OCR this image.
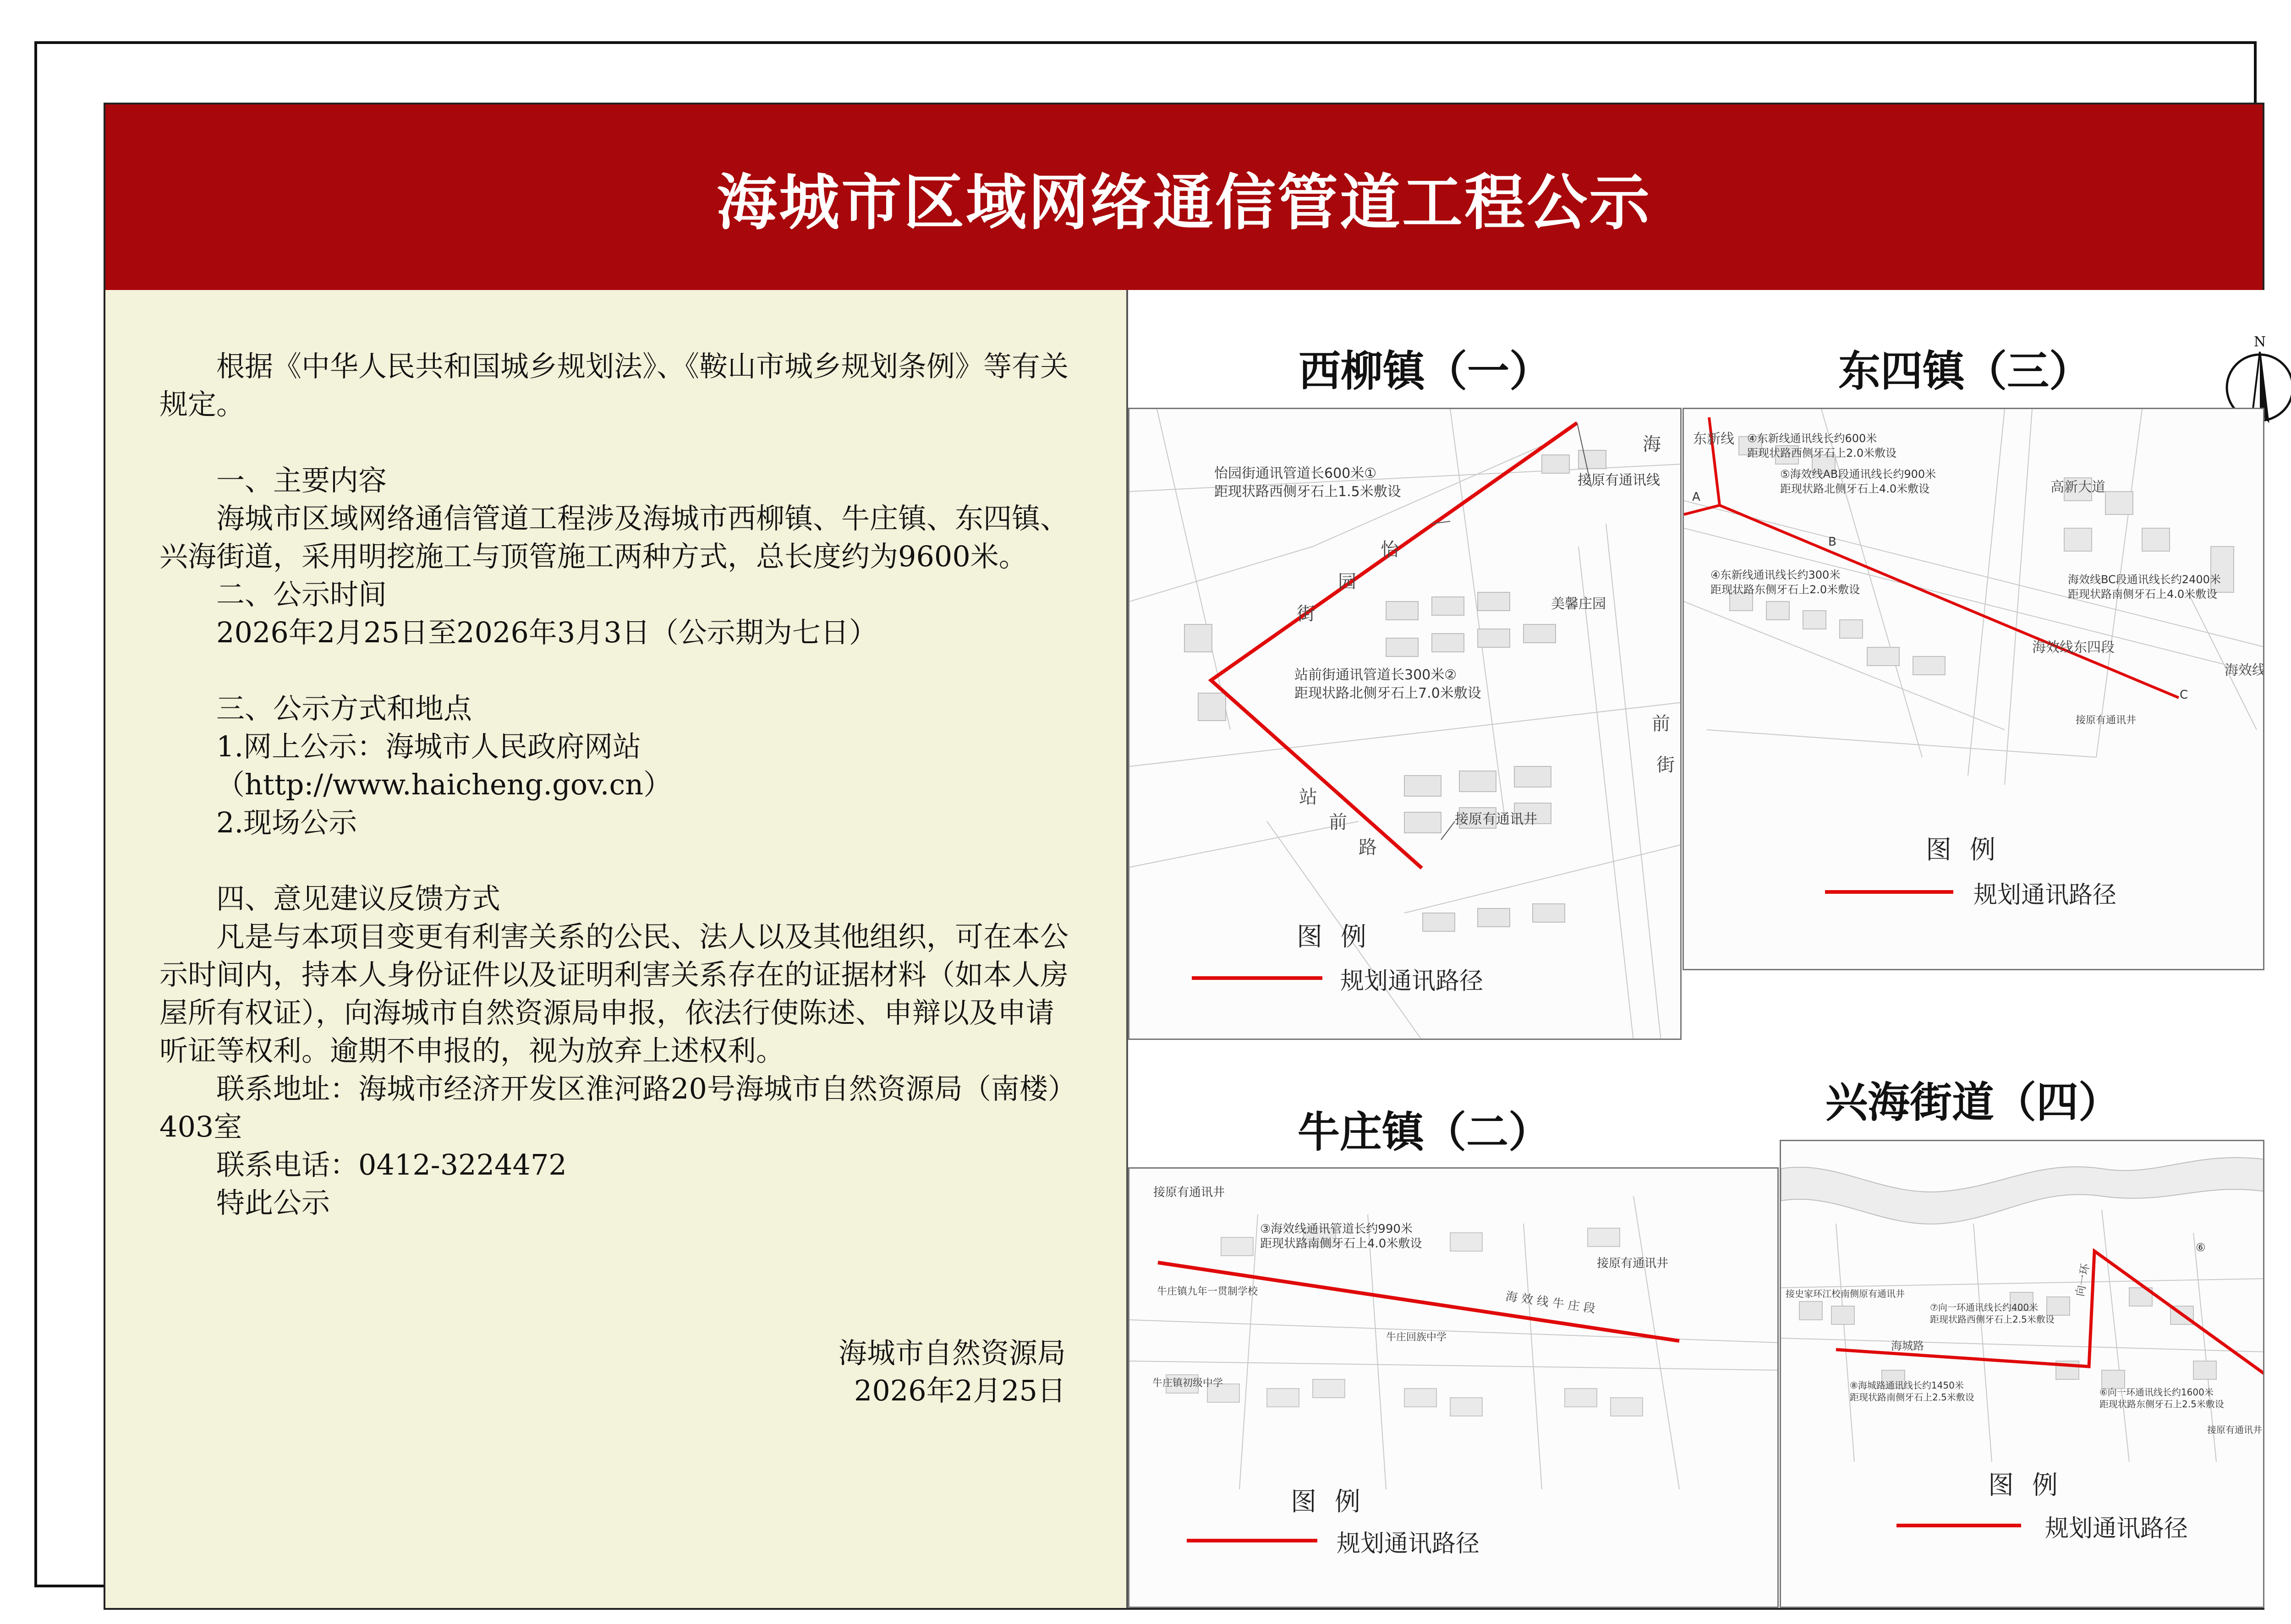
海城市区域网络通信管道工程公示

根据《中华人民共和国城乡规划法》、《鞍山市城乡规划条例》等有关规定。

一、主要内容

海城市区域网络通信管道工程涉及海城市西柳镇、牛庄镇、东四镇、兴海街道，采用明挖施工与顶管施工两种方式，总长度约为9600米。

二、公示时间

2026年2月25日至2026年3月3日（公示期为七日）

三、公示方式和地点

1.网上公示：海城市人民政府网站

（http://www.haicheng.gov.cn）

2.现场公示

四、意见建议反馈方式

凡是与本项目变更有利害关系的公民、法人以及其他组织，可在本公示时间内，持本人身份证件以及证明利害关系存在的证据材料（如本人房屋所有权证），向海城市自然资源局申报，依法行使陈述、申辩以及申请听证等权利。逾期不申报的，视为放弃上述权利。

联系地址：海城市经济开发区淮河路20号海城市自然资源局（南楼）403室

联系电话：0412-3224472

特此公示

海城市自然资源局
2026年2月25日
N
西柳镇（一）
怡园街通讯管道长600米①
距现状路西侧牙石上1.5米敷设
站前街通讯管道长300米②
距现状路北侧牙石上7.0米敷设
接原有通讯线
接原有通讯井
美馨庄园
怡
园
街
站
前
路
海
前
街
图例
规划通讯路径
东四镇（三）
④东新线通讯线长约600米
距现状路西侧牙石上2.0米敷设
⑤海效线AB段通讯线长约900米
距现状路北侧牙石上4.0米敷设
④东新线通讯线长约300米
距现状路东侧牙石上2.0米敷设
海效线BC段通讯线长约2400米
距现状路南侧牙石上4.0米敷设
接原有通讯井
东新线
高新大道
海效线东四段
海效线
A
B
C
图例
规划通讯路径
牛庄镇（二）
接原有通讯井
③海效线通讯管道长约990米
距现状路南侧牙石上4.0米敷设
接原有通讯井
牛庄镇九年一贯制学校
牛庄回族中学
牛庄镇初级中学
海 效 线 牛 庄 段
图例
规划通讯路径
兴海街道（四）
接史家环江校南侧原有通讯井
⑦向一环通讯线长约400米
距现状路西侧牙石上2.5米敷设
⑧海城路通讯线长约1450米
距现状路南侧牙石上2.5米敷设	⑥向一环通讯线长约1600米
距现状路东侧牙石上2.5米敷设
接原有通讯井
海城路
向一环
⑥
图例
规划通讯路径
